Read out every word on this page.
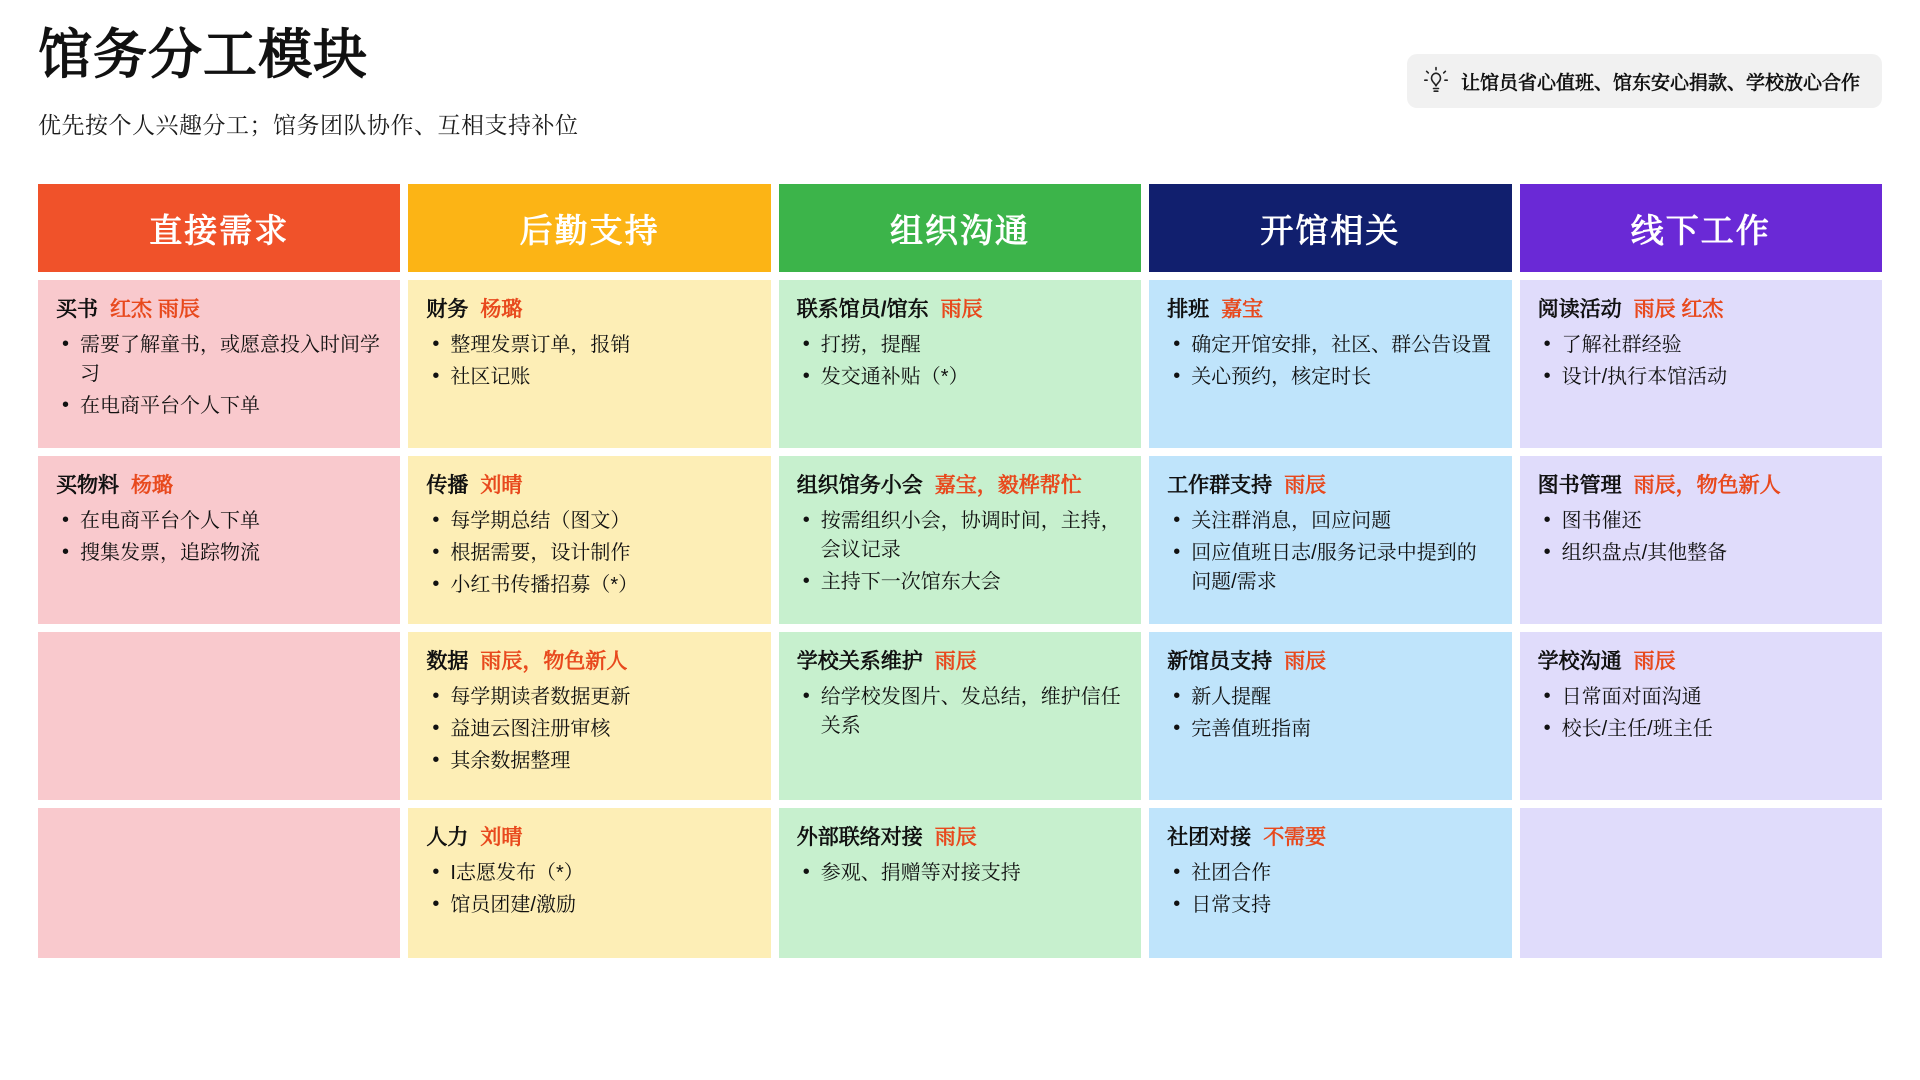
馆务分工模块
优先按个人兴趣分工；馆务团队协作、互相支持补位
让馆员省心值班、馆东安心捐款、学校放心合作
直接需求
买书 红杰 雨辰
• 需要了解童书，或愿意投入时间学习
• 在电商平台个人下单
买物料 杨璐
• 在电商平台个人下单
• 搜集发票，追踪物流
后勤支持
财务 杨璐
• 整理发票订单，报销
• 社区记账
传播 刘晴
• 每学期总结（图文）
• 根据需要，设计制作
• 小红书传播招募（*）
数据 雨辰，物色新人
• 每学期读者数据更新
• 益迪云图注册审核
• 其余数据整理
人力 刘晴
• I志愿发布（*）
• 馆员团建/激励
组织沟通
联系馆员/馆东 雨辰
• 打捞，提醒
• 发交通补贴（*）
组织馆务小会 嘉宝，毅桦帮忙
• 按需组织小会，协调时间，主持，会议记录
• 主持下一次馆东大会
学校关系维护 雨辰
• 给学校发图片、发总结，维护信任关系
外部联络对接 雨辰
• 参观、捐赠等对接支持
开馆相关
排班 嘉宝
• 确定开馆安排，社区、群公告设置
• 关心预约，核定时长
工作群支持 雨辰
• 关注群消息，回应问题
• 回应值班日志/服务记录中提到的问题/需求
新馆员支持 雨辰
• 新人提醒
• 完善值班指南
社团对接 不需要
• 社团合作
• 日常支持
线下工作
阅读活动 雨辰 红杰
• 了解社群经验
• 设计/执行本馆活动
图书管理 雨辰，物色新人
• 图书催还
• 组织盘点/其他整备
学校沟通 雨辰
• 日常面对面沟通
• 校长/主任/班主任
